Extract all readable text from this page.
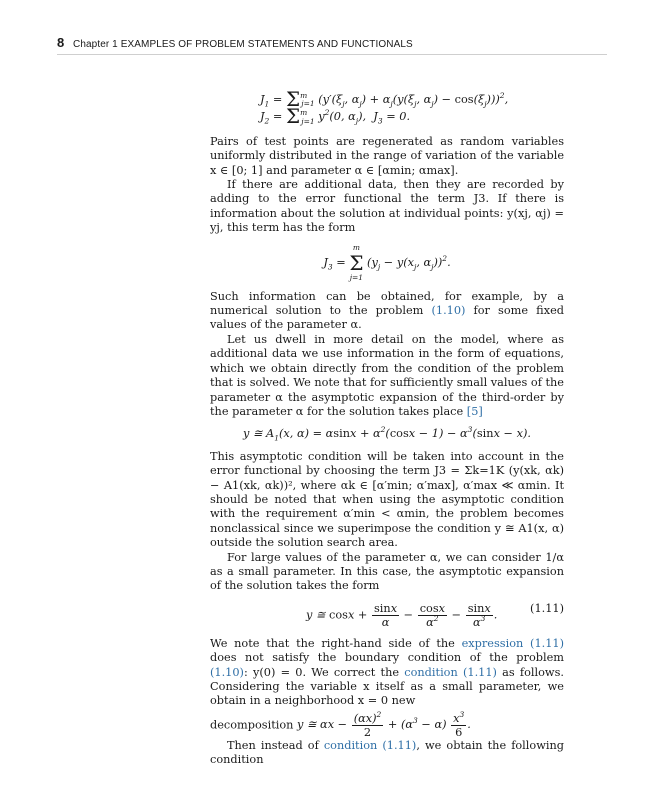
8 Chapter 1 EXAMPLES OF PROBLEM STATEMENTS AND FUNCTIONALS
$J_1 = \Sigma^m_{j=1}$ ($y'(\xi_j$, $\alpha_j) + \alpha_j(y(\xi_j$, $\alpha_j) - \cos(\xi_j)))^2$,
$J_2 = \Sigma^m_{j=1}$ $y^2(0$, $\alpha_j$),  $J_3 = 0$.

Pairs of test points are regenerated as random variables uniformly distributed in the range of variation of the variable x ∈ [0; 1] and parameter α ∈ [αmin; αmax].

If there are additional data, then they are recorded by adding to the error functional the term J3. If there is information about the solution at individual points: y(xj, αj) = yj, this term has the form

$J_3$ =
m
Σ
j=1
($y_j - y(x_j$, $\alpha_j))^2$.

Such information can be obtained, for example, by a numerical solution to the problem (1.10) for some fixed values of the parameter α.

Let us dwell in more detail on the model, where as additional data we use information in the form of equations, which we obtain directly from the condition of the problem that is solved. We note that for sufficiently small values of the parameter α the asymptotic expansion of the third-order by the parameter α for the solution takes place [5]

y ≅ $A_1(x$, $\alpha) = \alpha\sin x + \alpha^2(\cos x - 1) - \alpha^3(\sin x - x)$.

This asymptotic condition will be taken into account in the error functional by choosing the term J3 = Σk=1K (y(xk, αk) − A1(xk, αk))², where αk ∈ [α′min; α′max], α′max ≪ αmin. It should be noted that when using the asymptotic condition with the requirement α′min < αmin, the problem becomes nonclassical since we superimpose the condition y ≅ A1(x, α) outside the solution search area.

For large values of the parameter α, we can consider 1/α as a small parameter. In this case, the asymptotic expansion of the solution takes the form

y ≅ $\cos x + \frac{\sin x}{\alpha} - \frac{\cos x}{\alpha^2} - \frac{\sin x}{\alpha^3}$ .	(1.11)

We note that the right-hand side of the expression (1.11) does not satisfy the boundary condition of the problem (1.10): y(0) = 0. We correct the condition (1.11) as follows. Considering the variable x itself as a small parameter, we obtain in a neighborhood x = 0 new

decomposition y ≅ $\alpha x - \frac{(\alpha x)^2}{2} + (\alpha^3 - \alpha) \frac{x^3}{6}$ .

Then instead of condition (1.11), we obtain the following condition
